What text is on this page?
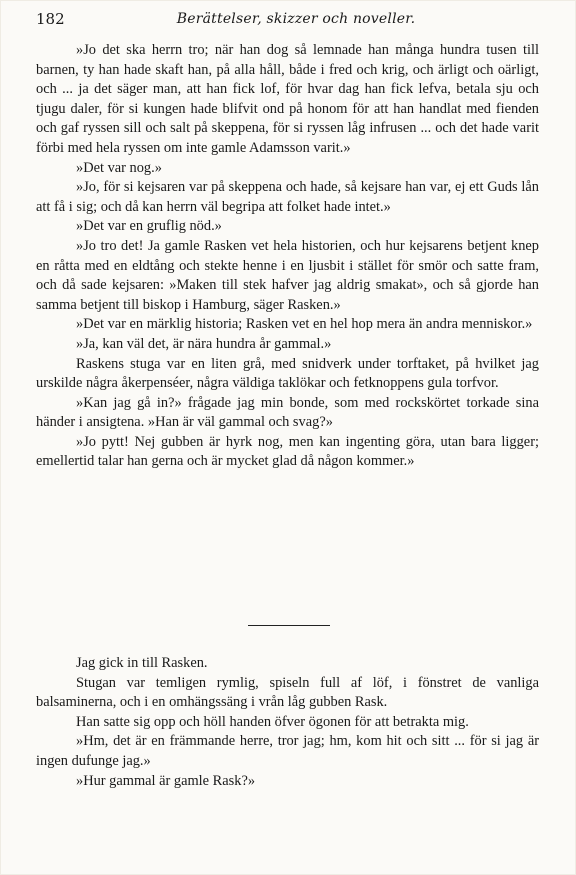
182	Berättelser, skizzer och noveller.

»Jo det ska herrn tro; när han dog så lemnade han många hundra tusen till barnen, ty han hade skaft han, på alla håll, både i fred och krig, och ärligt och oärligt, och ... ja det säger man, att han fick lof, för hvar dag han fick lefva, betala sju och tjugu daler, för si kungen hade blifvit ond på honom för att han handlat med fienden och gaf ryssen sill och salt på skeppena, för si ryssen låg infrusen ... och det hade varit förbi med hela ryssen om inte gamle Adamsson varit.»

»Det var nog.»

»Jo, för si kejsaren var på skeppena och hade, så kejsare han var, ej ett Guds lån att få i sig; och då kan herrn väl begripa att folket hade intet.»

»Det var en gruflig nöd.»

»Jo tro det! Ja gamle Rasken vet hela historien, och hur kejsarens betjent knep en råtta med en eldtång och stekte henne i en ljusbit i stället för smör och satte fram, och då sade kejsaren: »Maken till stek hafver jag aldrig smakat», och så gjorde han samma betjent till biskop i Hamburg, säger Rasken.»

»Det var en märklig historia; Rasken vet en hel hop mera än andra menniskor.»

»Ja, kan väl det, är nära hundra år gammal.»

Raskens stuga var en liten grå, med snidverk under torftaket, på hvilket jag urskilde några åkerpenséer, några väldiga taklökar och fetknoppens gula torfvor.

»Kan jag gå in?» frågade jag min bonde, som med rockskörtet torkade sina händer i ansigtena. »Han är väl gammal och svag?»

»Jo pytt! Nej gubben är hyrk nog, men kan ingenting göra, utan bara ligger; emellertid talar han gerna och är mycket glad då någon kommer.»

Jag gick in till Rasken.

Stugan var temligen rymlig, spiseln full af löf, i fönstret de vanliga balsaminerna, och i en omhängssäng i vrån låg gubben Rask.

Han satte sig opp och höll handen öfver ögonen för att betrakta mig.

»Hm, det är en främmande herre, tror jag; hm, kom hit och sitt ... för si jag är ingen dufunge jag.»

»Hur gammal är gamle Rask?»
